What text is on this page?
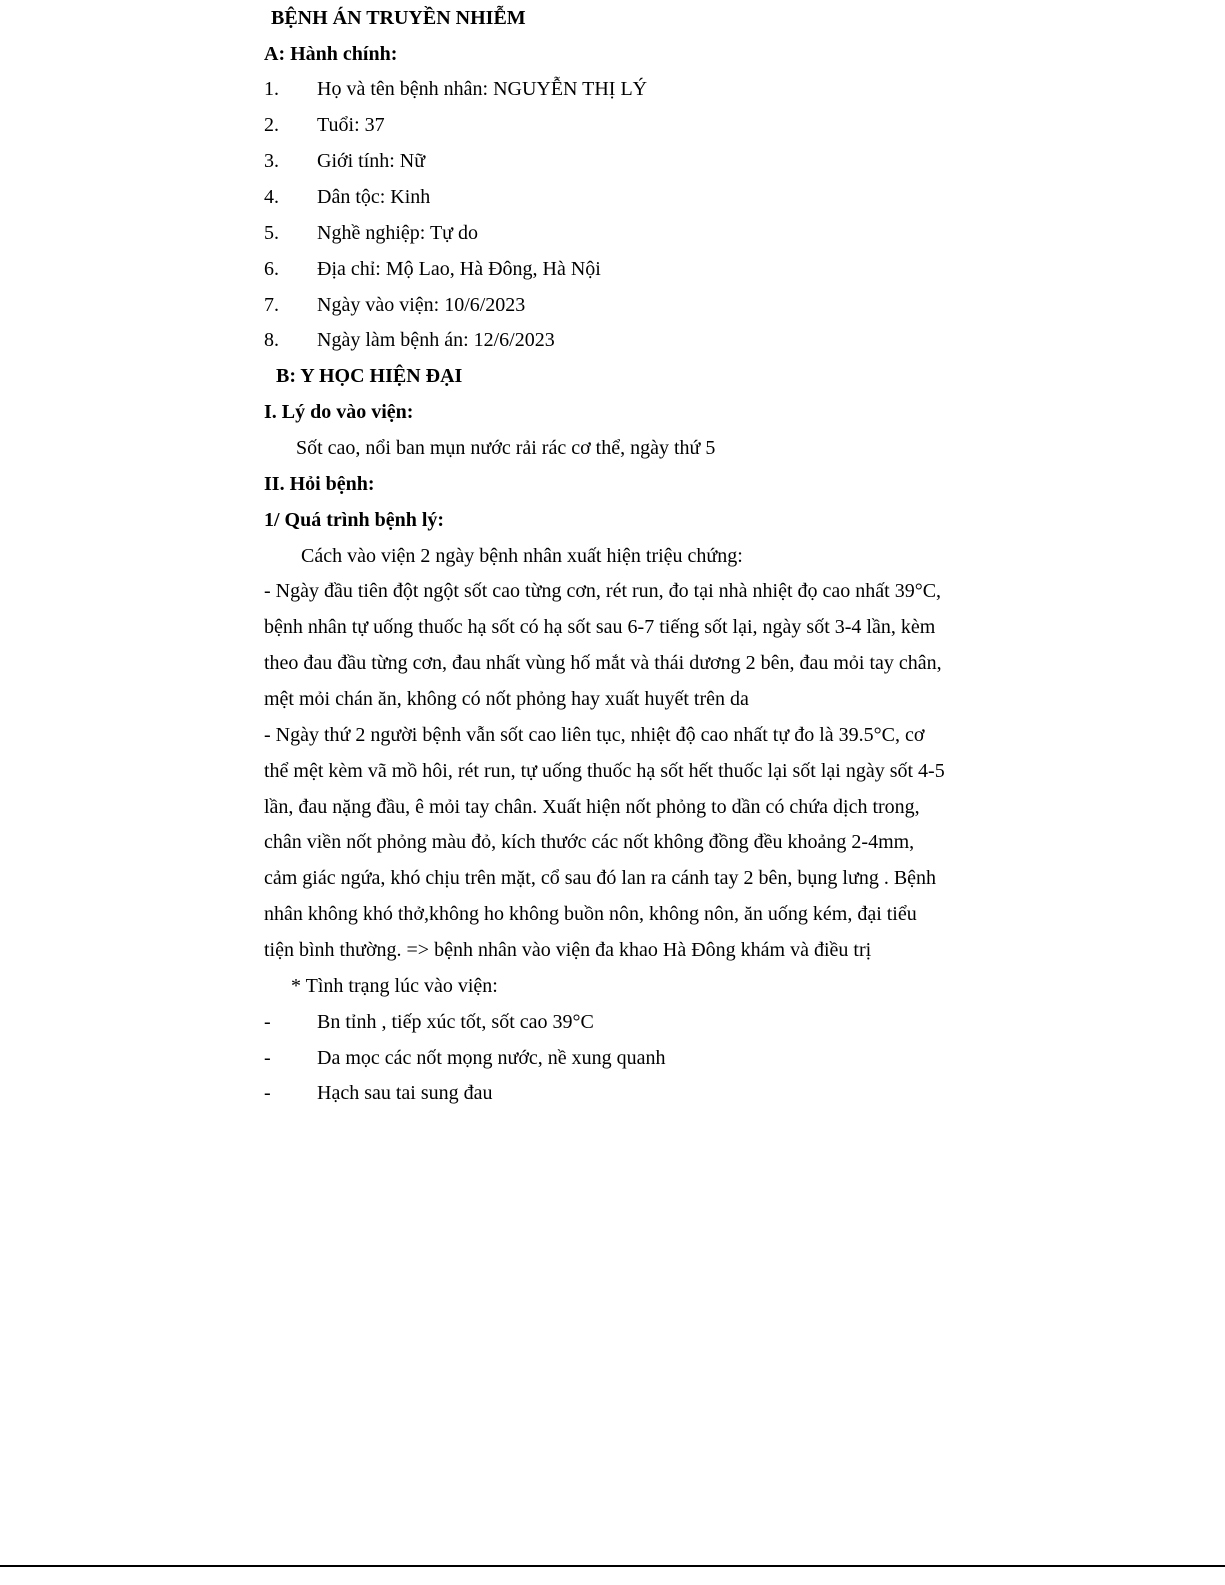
BỆNH ÁN TRUYỀN NHIỄM
A: Hành chính:
1. Họ và tên bệnh nhân: NGUYỄN THỊ LÝ
2. Tuổi: 37
3. Giới tính: Nữ
4. Dân tộc: Kinh
5. Nghề nghiệp: Tự do
6. Địa chỉ: Mộ Lao, Hà Đông, Hà Nội
7. Ngày vào viện: 10/6/2023
8. Ngày làm bệnh án: 12/6/2023
B: Y HỌC HIỆN ĐẠI
I. Lý do vào viện:
Sốt cao, nổi ban mụn nước rải rác cơ thể, ngày thứ 5
II. Hỏi bệnh:
1/ Quá trình bệnh lý:
Cách vào viện 2 ngày bệnh nhân xuất hiện triệu chứng:
- Ngày đầu tiên đột ngột sốt cao từng cơn, rét run, đo tại nhà nhiệt đọ cao nhất 39°C,
bệnh nhân tự uống thuốc hạ sốt có hạ sốt sau 6-7 tiếng sốt lại, ngày sốt 3-4 lần, kèm
theo đau đầu từng cơn, đau nhất vùng hố mắt và thái dương 2 bên, đau mỏi tay chân,
mệt mỏi chán ăn, không có nốt phỏng hay xuất huyết trên da
- Ngày thứ 2 người bệnh vẫn sốt cao liên tục, nhiệt độ cao nhất tự đo là 39.5°C, cơ
thể mệt kèm vã mồ hôi, rét run, tự uống thuốc hạ sốt hết thuốc lại sốt lại ngày sốt 4-5
lần, đau nặng đầu, ê mỏi tay chân. Xuất hiện nốt phỏng to dần có chứa dịch trong,
chân viền nốt phỏng màu đỏ, kích thước các nốt không đồng đều khoảng 2-4mm,
cảm giác ngứa, khó chịu trên mặt, cổ sau đó lan ra cánh tay 2 bên, bụng lưng . Bệnh
nhân không khó thở,không ho không buồn nôn, không nôn, ăn uống kém, đại tiểu
tiện bình thường. => bệnh nhân vào viện đa khao Hà Đông khám và điều trị
* Tình trạng lúc vào viện:
- Bn tỉnh , tiếp xúc tốt, sốt cao 39°C
- Da mọc các nốt mọng nước, nề xung quanh
- Hạch sau tai sung đau
